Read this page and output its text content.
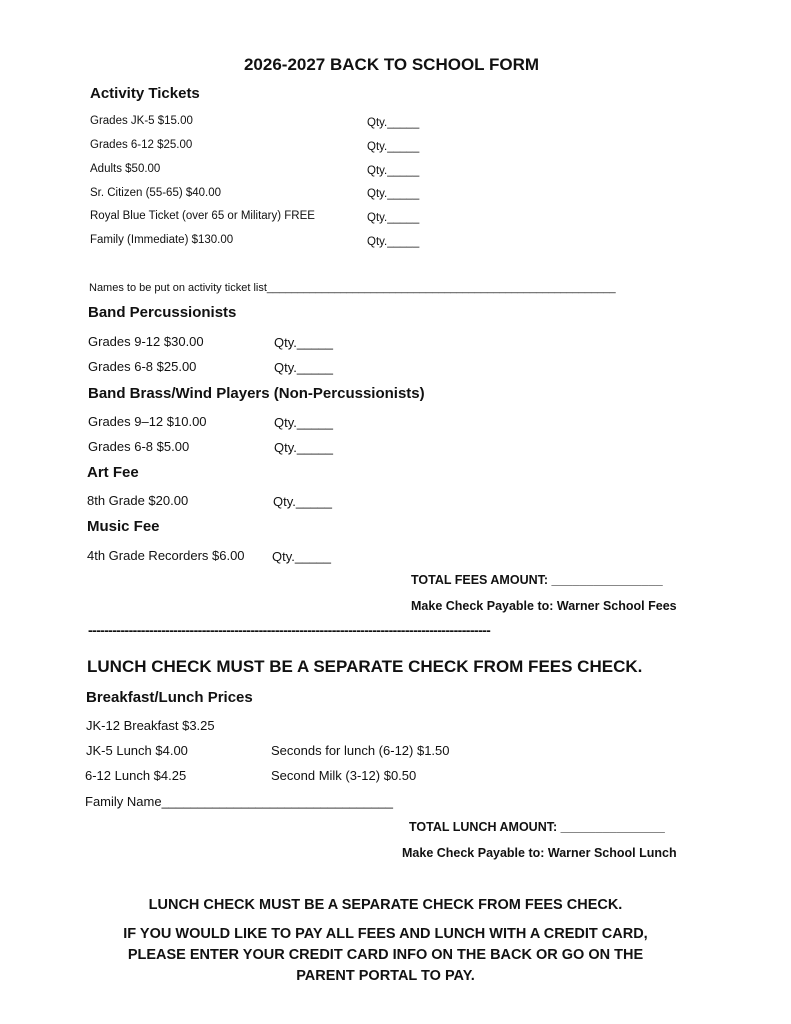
2026-2027 BACK TO SCHOOL FORM
Activity Tickets
Grades JK-5 $15.00	Qty._____
Grades 6-12 $25.00	Qty._____
Adults $50.00	Qty._____
Sr. Citizen (55-65) $40.00	Qty._____
Royal Blue Ticket (over 65 or Military) FREE	Qty._____
Family (Immediate) $130.00	Qty._____
Names to be put on activity ticket list_________________________________________________________
Band Percussionists
Grades 9-12 $30.00	Qty._____
Grades 6-8 $25.00	Qty._____
Band Brass/Wind Players (Non-Percussionists)
Grades 9–12 $10.00	Qty._____
Grades 6-8 $5.00	Qty._____
Art Fee
8th Grade $20.00	Qty._____
Music Fee
4th Grade Recorders $6.00 Qty._____
TOTAL FEES AMOUNT: ________________
Make Check Payable to: Warner School Fees
---------------------------------------------------------------------------------------------------
LUNCH CHECK MUST BE A SEPARATE CHECK FROM FEES CHECK.
Breakfast/Lunch Prices
JK-12 Breakfast $3.25
JK-5 Lunch $4.00	Seconds for lunch (6-12) $1.50
6-12 Lunch $4.25	Second Milk (3-12) $0.50
Family Name________________________________
TOTAL LUNCH AMOUNT: _______________
Make Check Payable to: Warner School Lunch
LUNCH CHECK MUST BE A SEPARATE CHECK FROM FEES CHECK.
IF YOU WOULD LIKE TO PAY ALL FEES AND LUNCH WITH A CREDIT CARD,
PLEASE ENTER YOUR CREDIT CARD INFO ON THE BACK OR GO ON THE
PARENT PORTAL TO PAY.
